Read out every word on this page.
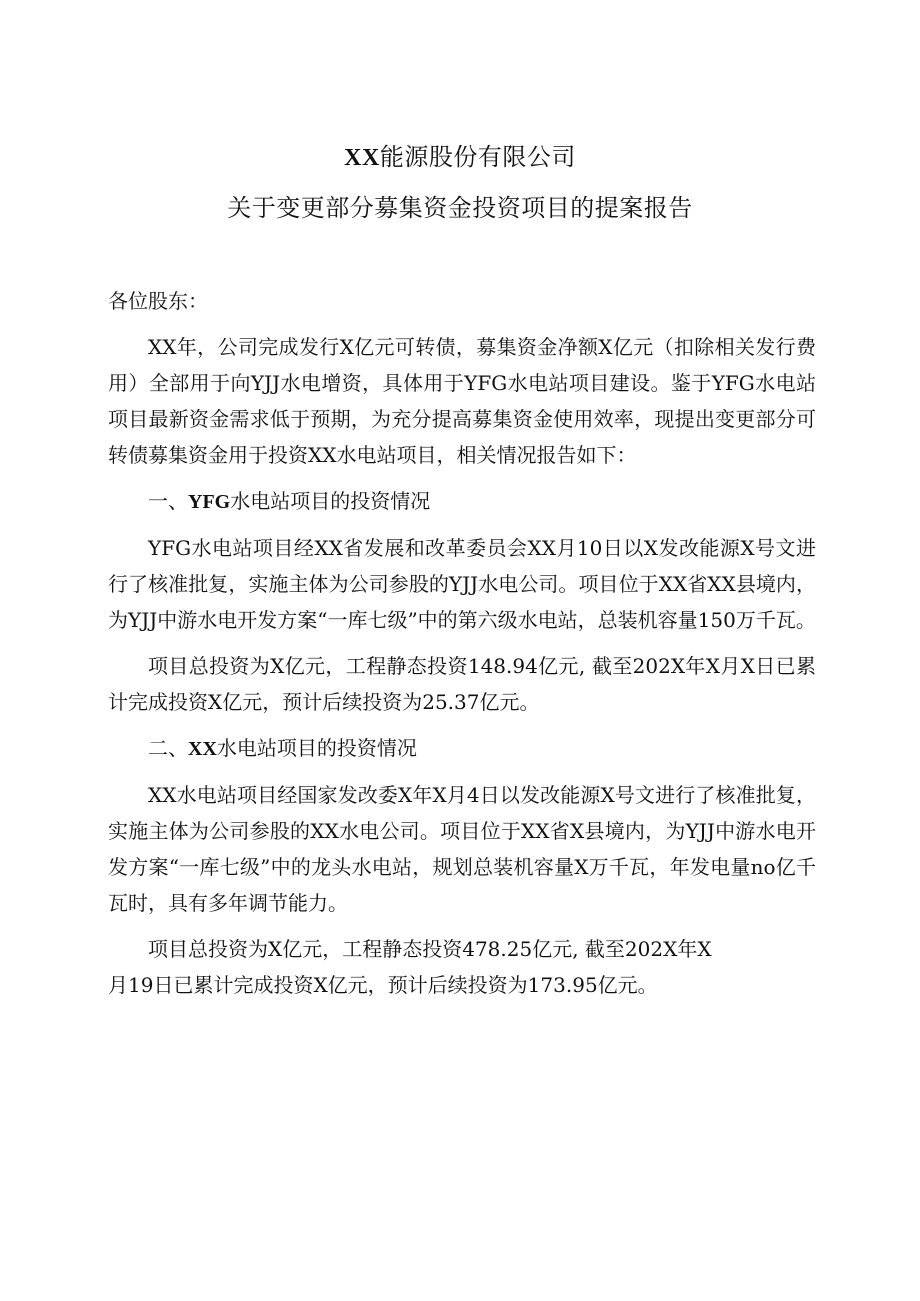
XX能源股份有限公司
关于变更部分募集资金投资项目的提案报告

各位股东：

XX年，公司完成发行X亿元可转债，募集资金净额X亿元（扣除相关发行费用）全部用于向YJJ水电增资，具体用于YFG水电站项目建设。鉴于YFG水电站项目最新资金需求低于预期，为充分提高募集资金使用效率，现提出变更部分可转债募集资金用于投资XX水电站项目，相关情况报告如下：

一、YFG水电站项目的投资情况

YFG水电站项目经XX省发展和改革委员会XX月10日以X发改能源X号文进行了核准批复，实施主体为公司参股的YJJ水电公司。项目位于XX省XX县境内，为YJJ中游水电开发方案“一库七级”中的第六级水电站，总装机容量150万千瓦。

项目总投资为X亿元，工程静态投资148.94亿元, 截至202X年X月X日已累计完成投资X亿元，预计后续投资为25.37亿元。

二、XX水电站项目的投资情况

XX水电站项目经国家发改委X年X月4日以发改能源X号文进行了核准批复，实施主体为公司参股的XX水电公司。项目位于XX省X县境内，为YJJ中游水电开发方案“一库七级”中的龙头水电站，规划总装机容量X万千瓦，年发电量no亿千瓦时，具有多年调节能力。

项目总投资为X亿元，工程静态投资478.25亿元, 截至202X年X
月19日已累计完成投资X亿元，预计后续投资为173.95亿元。
